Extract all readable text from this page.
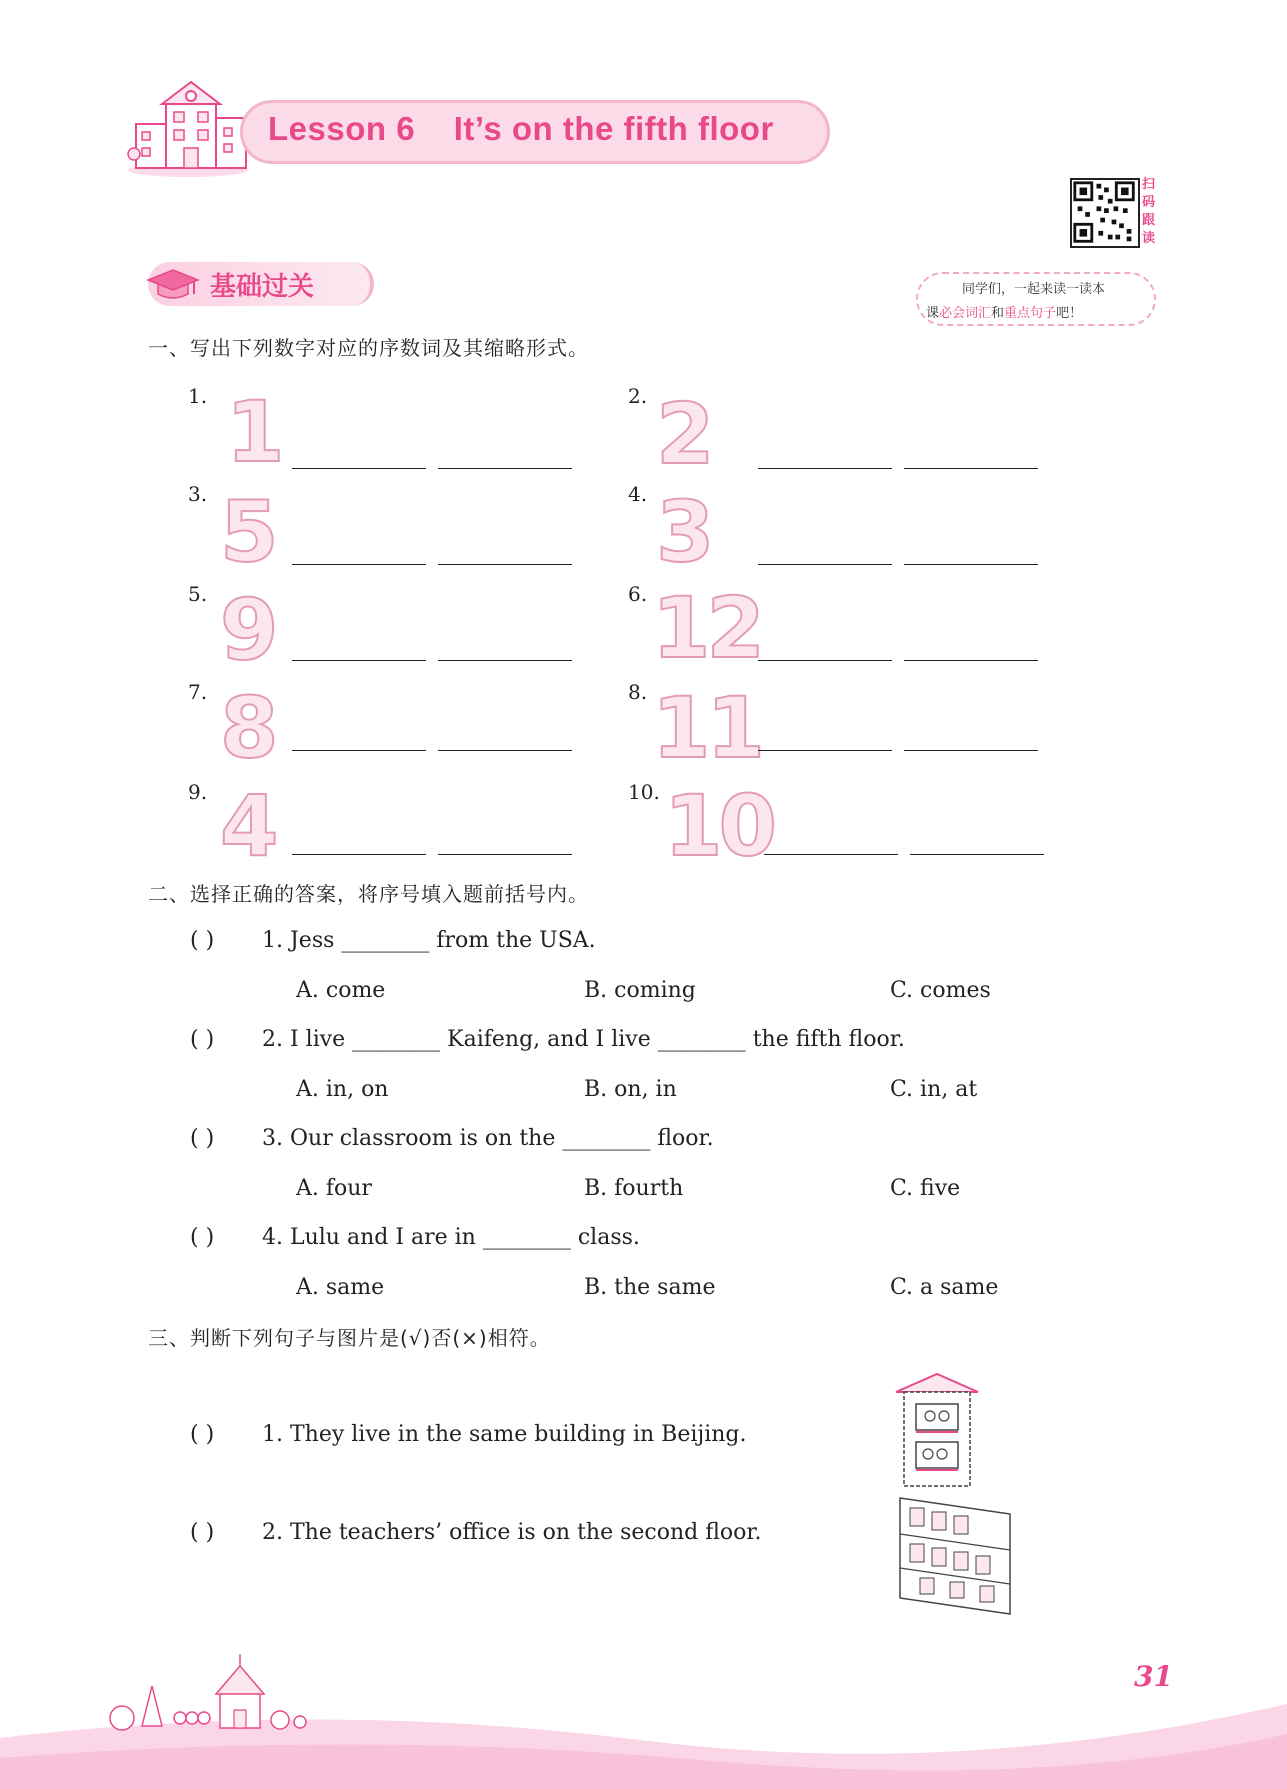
Lesson 6    It’s on the fifth floor
扫
码
跟
读
同学们，一起来读一读本
课必会词汇和重点句子吧！
基础过关
一、写出下列数字对应的序数词及其缩略形式。
1. 1
3. 5
5. 9
7. 8
9. 4
2. 2
4. 3
6. 12
8. 11
10. 10
二、选择正确的答案，将序号填入题前括号内。
( ) 1. Jess ________ from the USA.
A. come	B. coming	C. comes
( ) 2. I live ________ Kaifeng, and I live ________ the fifth floor.
A. in, on	B. on, in	C. in, at
( ) 3. Our classroom is on the ________ floor.
A. four	B. fourth	C. five
( ) 4. Lulu and I are in ________ class.
A. same	B. the same	C. a same
三、判断下列句子与图片是(√)否(×)相符。
( ) 1. They live in the same building in Beijing.
( ) 2. The teachers’ office is on the second floor.
31
